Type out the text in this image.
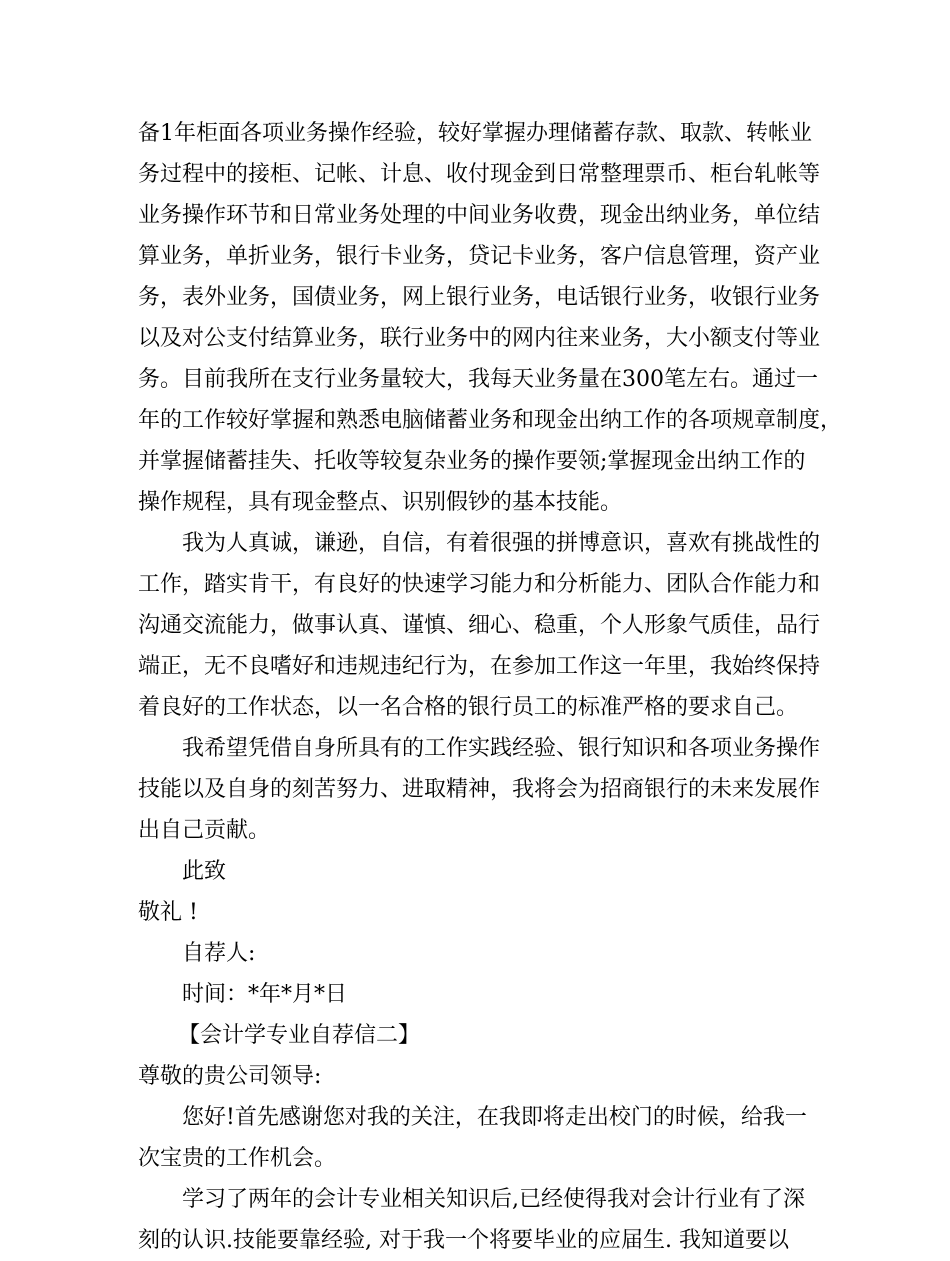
备1年柜面各项业务操作经验，较好掌握办理储蓄存款、取款、转帐业
务过程中的接柜、记帐、计息、收付现金到日常整理票币、柜台轧帐等
业务操作环节和日常业务处理的中间业务收费，现金出纳业务，单位结
算业务，单折业务，银行卡业务，贷记卡业务，客户信息管理，资产业
务，表外业务，国债业务，网上银行业务，电话银行业务，收银行业务
以及对公支付结算业务，联行业务中的网内往来业务，大小额支付等业
务。目前我所在支行业务量较大，我每天业务量在300笔左右。通过一
年的工作较好掌握和熟悉电脑储蓄业务和现金出纳工作的各项规章制度，
并掌握储蓄挂失、托收等较复杂业务的操作要领;掌握现金出纳工作的
操作规程，具有现金整点、识别假钞的基本技能。
我为人真诚，谦逊，自信，有着很强的拼博意识，喜欢有挑战性的
工作，踏实肯干，有良好的快速学习能力和分析能力、团队合作能力和
沟通交流能力，做事认真、谨慎、细心、稳重，个人形象气质佳，品行
端正，无不良嗜好和违规违纪行为，在参加工作这一年里，我始终保持
着良好的工作状态，以一名合格的银行员工的标准严格的要求自己。
我希望凭借自身所具有的工作实践经验、银行知识和各项业务操作
技能以及自身的刻苦努力、进取精神，我将会为招商银行的未来发展作
出自己贡献。
此致
敬礼 !
自荐人:
时间：*年*月*日
【会计学专业自荐信二】
尊敬的贵公司领导:
您好!首先感谢您对我的关注，在我即将走出校门的时候，给我一
次宝贵的工作机会。
学习了两年的会计专业相关知识后,已经使得我对会计行业有了深
刻的认识.技能要靠经验, 对于我一个将要毕业的应届生. 我知道要以
